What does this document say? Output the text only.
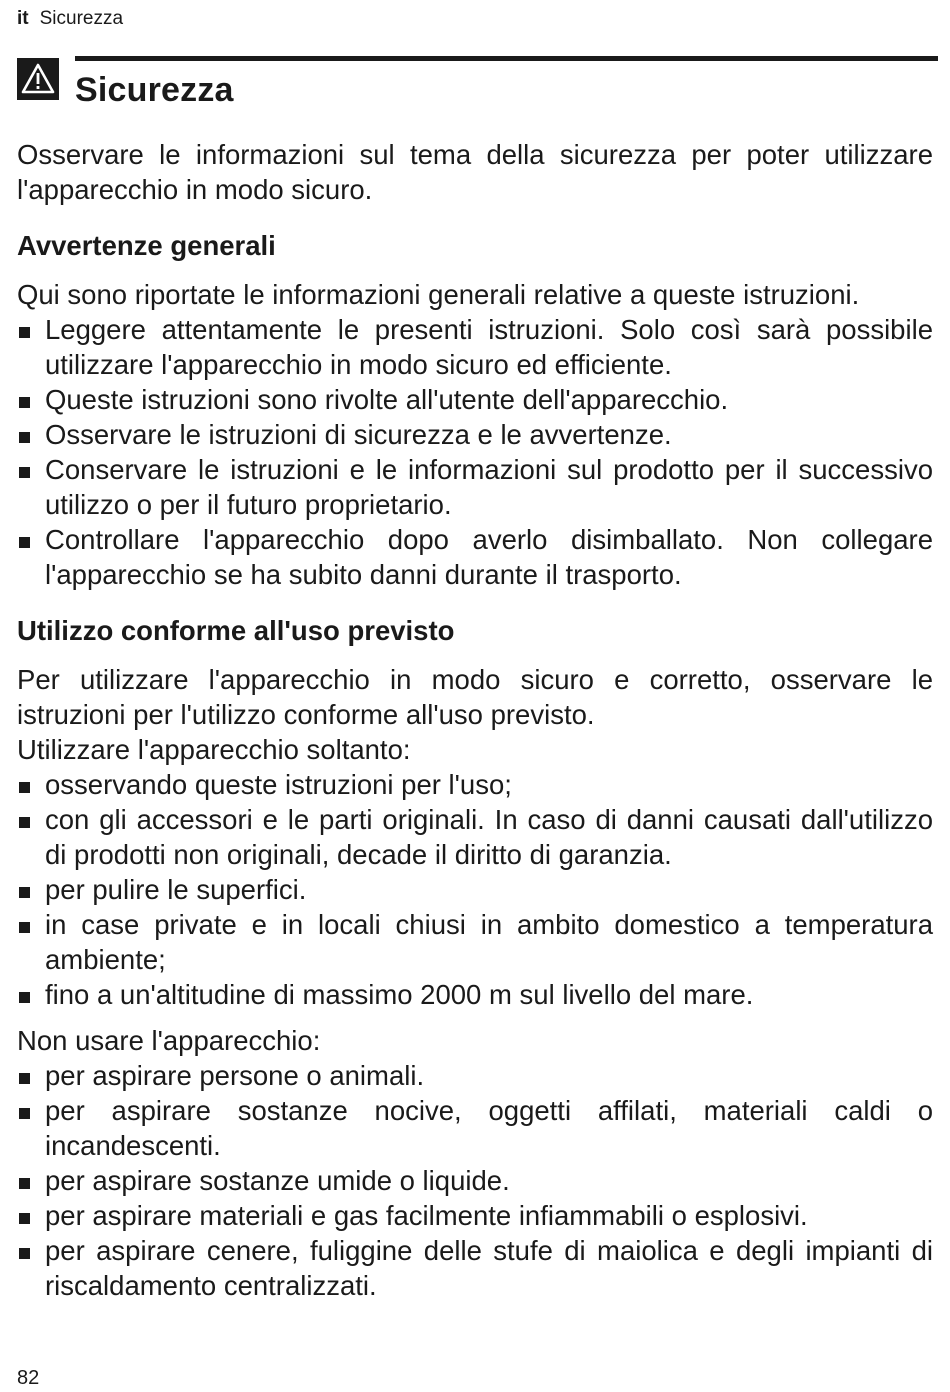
it Sicurezza
Sicurezza

Osservare le informazioni sul tema della sicurezza per poter utilizzare l'apparecchio in modo sicuro.

Avvertenze generali

Qui sono riportate le informazioni generali relative a queste istruzioni.

Leggere attentamente le presenti istruzioni. Solo così sarà possibile utilizzare l'apparecchio in modo sicuro ed efficiente.
Queste istruzioni sono rivolte all'utente dell'apparecchio.
Osservare le istruzioni di sicurezza e le avvertenze.
Conservare le istruzioni e le informazioni sul prodotto per il successivo utilizzo o per il futuro proprietario.
Controllare l'apparecchio dopo averlo disimballato. Non collegare l'apparecchio se ha subito danni durante il trasporto.
Utilizzo conforme all'uso previsto

Per utilizzare l'apparecchio in modo sicuro e corretto, osservare le istruzioni per l'utilizzo conforme all'uso previsto.

Utilizzare l'apparecchio soltanto:

osservando queste istruzioni per l'uso;
con gli accessori e le parti originali. In caso di danni causati dall'utilizzo di prodotti non originali, decade il diritto di garanzia.
per pulire le superfici.
in case private e in locali chiusi in ambito domestico a temperatura ambiente;
fino a un'altitudine di massimo 2000 m sul livello del mare.

Non usare l'apparecchio:

per aspirare persone o animali.
per aspirare sostanze nocive, oggetti affilati, materiali caldi o incandescenti.
per aspirare sostanze umide o liquide.
per aspirare materiali e gas facilmente infiammabili o esplosivi.
per aspirare cenere, fuliggine delle stufe di maiolica e degli impianti di riscaldamento centralizzati.
82
